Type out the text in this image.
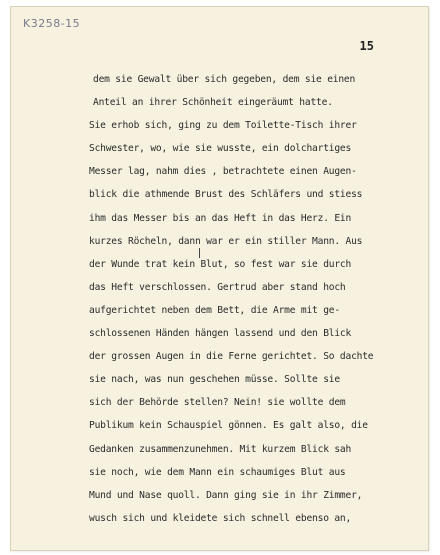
K3258-15
15
dem sie Gewalt über sich gegeben, dem sie einen
Anteil an ihrer Schönheit eingeräumt hatte.
Sie erhob sich, ging zu dem Toilette-Tisch ihrer
Schwester, wo, wie sie wusste, ein dolchartiges
Messer lag, nahm dies , betrachtete einen Augen-
blick die athmende Brust des Schläfers und stiess
ihm das Messer bis an das Heft in das Herz. Ein
kurzes Röcheln, dann war er ein stiller Mann. Aus
der Wunde trat kein Blut, so fest war sie durch
das Heft verschlossen. Gertrud aber stand hoch
aufgerichtet neben dem Bett, die Arme mit ge-
schlossenen Händen hängen lassend und den Blick
der grossen Augen in die Ferne gerichtet. So dachte
sie nach, was nun geschehen müsse. Sollte sie
sich der Behörde stellen? Nein! sie wollte dem
Publikum kein Schauspiel gönnen. Es galt also, die
Gedanken zusammenzunehmen. Mit kurzem Blick sah
sie noch, wie dem Mann ein schaumiges Blut aus
Mund und Nase quoll. Dann ging sie in ihr Zimmer,
wusch sich und kleidete sich schnell ebenso an,
